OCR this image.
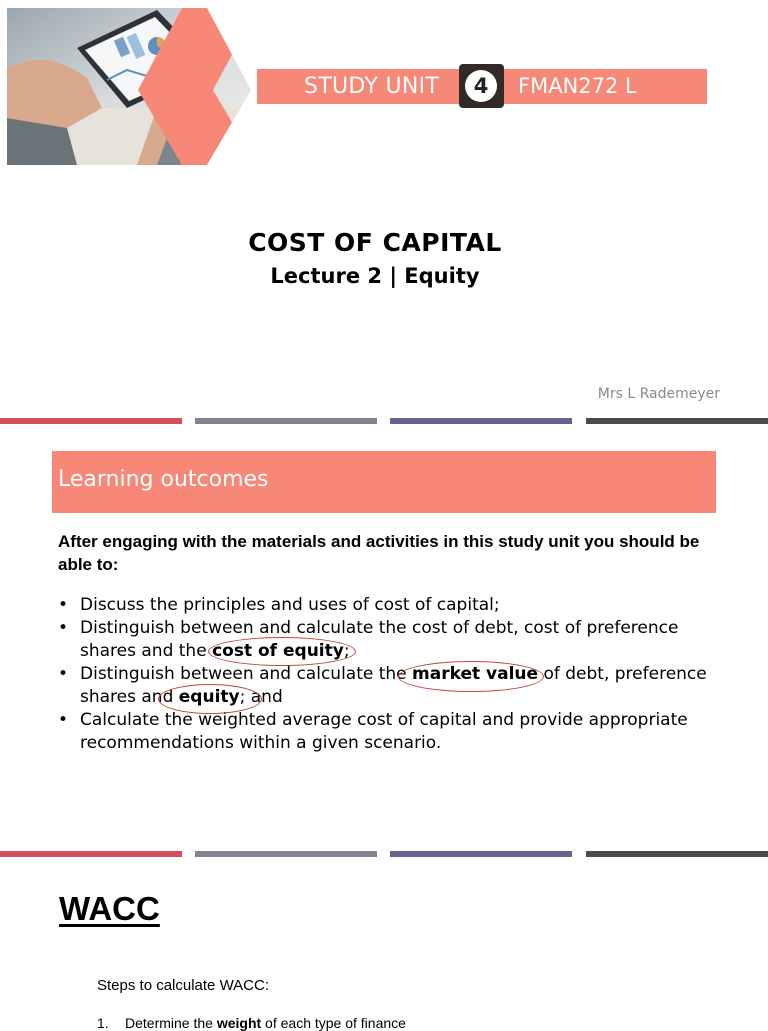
STUDY UNIT	4	FMAN272 L
COST OF CAPITAL
Lecture 2 | Equity
Mrs L Rademeyer
Learning outcomes
After engaging with the materials and activities in this study unit you should be able to:
• Discuss the principles and uses of cost of capital;
• Distinguish between and calculate the cost of debt, cost of preference shares and the cost of equity;
• Distinguish between and calculate the market value of debt, preference shares and equity; and
• Calculate the weighted average cost of capital and provide appropriate recommendations within a given scenario.
WACC
Steps to calculate WACC:
1. Determine the weight of each type of finance
